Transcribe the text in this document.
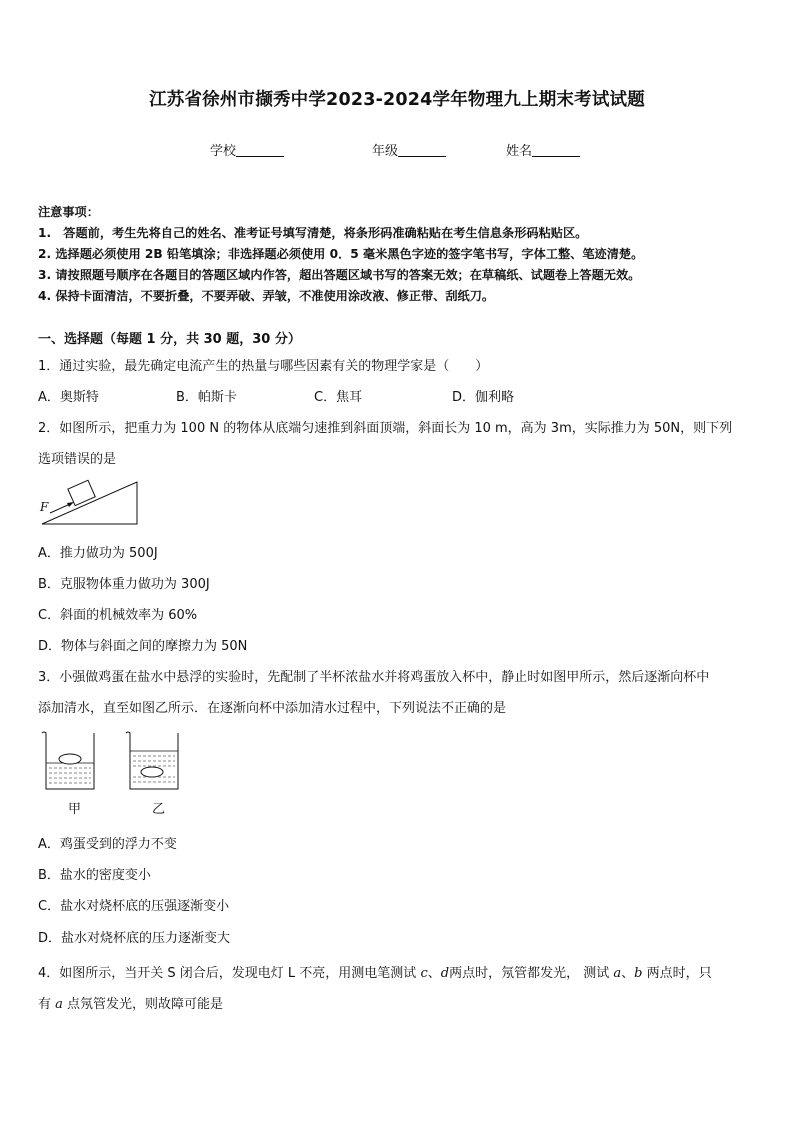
江苏省徐州市撷秀中学2023-2024学年物理九上期末考试试题
学校	年级	姓名
注意事项：
1.　答题前，考生先将自己的姓名、准考证号填写清楚，将条形码准确粘贴在考生信息条形码粘贴区。
2. 选择题必须使用 2B 铅笔填涂；非选择题必须使用 0．5 毫米黑色字迹的签字笔书写，字体工整、笔迹清楚。
3. 请按照题号顺序在各题目的答题区域内作答，超出答题区域书写的答案无效；在草稿纸、试题卷上答题无效。
4. 保持卡面清洁，不要折叠，不要弄破、弄皱，不准使用涂改液、修正带、刮纸刀。
一、选择题（每题 1 分，共 30 题，30 分）
1．通过实验，最先确定电流产生的热量与哪些因素有关的物理学家是（　　）
A．奥斯特	B．帕斯卡	C．焦耳	D．伽利略
2．如图所示，把重力为 100 N 的物体从底端匀速推到斜面顶端，斜面长为 10 m，高为 3m，实际推力为 50N，则下列
选项错误的是
F
A．推力做功为 500J
B．克服物体重力做功为 300J
C．斜面的机械效率为 60%
D．物体与斜面之间的摩擦力为 50N
3．小强做鸡蛋在盐水中悬浮的实验时，先配制了半杯浓盐水并将鸡蛋放入杯中，静止时如图甲所示，然后逐渐向杯中
添加清水，直至如图乙所示．在逐渐向杯中添加清水过程中，下列说法不正确的是
甲	乙
A．鸡蛋受到的浮力不变
B．盐水的密度变小
C．盐水对烧杯底的压强逐渐变小
D．盐水对烧杯底的压力逐渐变大
4．如图所示，当开关 S 闭合后，发现电灯 L 不亮，用测电笔测试 c、d两点时，氖管都发光， 测试 a、b 两点时，只
有 a 点氖管发光，则故障可能是
